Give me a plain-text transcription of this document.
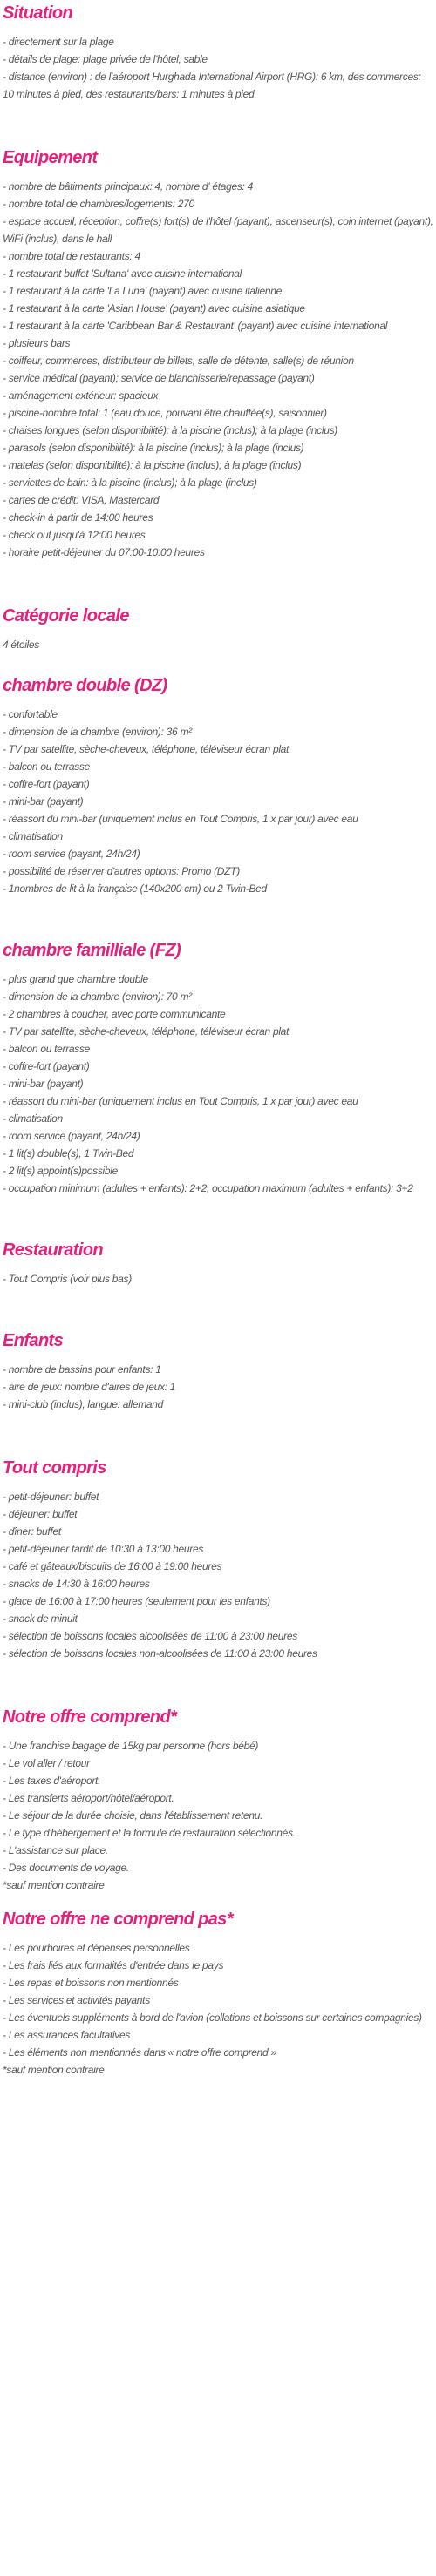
Situation
- directement sur la plage
- détails de plage: plage privée de l'hôtel, sable
- distance (environ) : de l'aéroport Hurghada International Airport (HRG): 6 km, des commerces: 10 minutes à pied, des restaurants/bars: 1 minutes à pied
Equipement
- nombre de bâtiments principaux: 4, nombre d' étages: 4
- nombre total de chambres/logements: 270
- espace accueil, réception, coffre(s) fort(s) de l'hôtel (payant), ascenseur(s), coin internet (payant), WiFi (inclus), dans le hall
- nombre total de restaurants: 4
- 1 restaurant buffet 'Sultana' avec cuisine international
- 1 restaurant à la carte 'La Luna' (payant) avec cuisine italienne
- 1 restaurant à la carte 'Asian House' (payant) avec cuisine asiatique
- 1 restaurant à la carte 'Caribbean Bar & Restaurant' (payant) avec cuisine international
- plusieurs bars
- coiffeur, commerces, distributeur de billets, salle de détente, salle(s) de réunion
- service médical (payant); service de blanchisserie/repassage (payant)
- aménagement extérieur: spacieux
- piscine-nombre total: 1 (eau douce, pouvant être chauffée(s), saisonnier)
- chaises longues (selon disponibilité): à la piscine (inclus); à la plage (inclus)
- parasols (selon disponibilité): à la piscine (inclus); à la plage (inclus)
- matelas (selon disponibilité): à la piscine (inclus); à la plage (inclus)
- serviettes de bain: à la piscine (inclus); à la plage (inclus)
- cartes de crédit: VISA, Mastercard
- check-in à partir de 14:00 heures
- check out jusqu'à 12:00 heures
- horaire petit-déjeuner du 07:00-10:00 heures
Catégorie locale
4 étoiles
chambre double (DZ)
- confortable
- dimension de la chambre (environ): 36 m²
- TV par satellite, sèche-cheveux, téléphone, téléviseur écran plat
- balcon ou terrasse
- coffre-fort (payant)
- mini-bar (payant)
- réassort du mini-bar (uniquement inclus en Tout Compris, 1 x par jour) avec eau
- climatisation
- room service (payant, 24h/24)
- possibilité de réserver d'autres options: Promo (DZT)
- 1nombres de lit à la française (140x200 cm) ou 2 Twin-Bed
chambre familliale (FZ)
- plus grand que chambre double
- dimension de la chambre (environ): 70 m²
- 2 chambres à coucher, avec porte communicante
- TV par satellite, sèche-cheveux, téléphone, téléviseur écran plat
- balcon ou terrasse
- coffre-fort (payant)
- mini-bar (payant)
- réassort du mini-bar (uniquement inclus en Tout Compris, 1 x par jour) avec eau
- climatisation
- room service (payant, 24h/24)
- 1 lit(s) double(s), 1 Twin-Bed
- 2 lit(s) appoint(s)possible
- occupation minimum (adultes + enfants): 2+2, occupation maximum (adultes + enfants): 3+2
Restauration
- Tout Compris (voir plus bas)
Enfants
- nombre de bassins pour enfants: 1
- aire de jeux: nombre d'aires de jeux: 1
- mini-club (inclus), langue: allemand
Tout compris
- petit-déjeuner: buffet
- déjeuner: buffet
- dîner: buffet
- petit-déjeuner tardif de 10:30 à 13:00 heures
- café et gâteaux/biscuits de 16:00 à 19:00 heures
- snacks de 14:30 à 16:00 heures
- glace de 16:00 à 17:00 heures (seulement pour les enfants)
- snack de minuit
- sélection de boissons locales alcoolisées de 11:00 à 23:00 heures
- sélection de boissons locales non-alcoolisées de 11:00 à 23:00 heures
Notre offre comprend*
- Une franchise bagage de 15kg par personne (hors bébé)
- Le vol aller / retour
- Les taxes d'aéroport.
- Les transferts aéroport/hôtel/aéroport.
- Le séjour de la durée choisie, dans l'établissement retenu.
- Le type d'hébergement et la formule de restauration sélectionnés.
- L'assistance sur place.
- Des documents de voyage.
*sauf mention contraire
Notre offre ne comprend pas*
- Les pourboires et dépenses personnelles
- Les frais liés aux formalités d'entrée dans le pays
- Les repas et boissons non mentionnés
- Les services et activités payants
- Les éventuels suppléments à bord de l'avion (collations et boissons sur certaines compagnies)
- Les assurances facultatives
- Les éléments non mentionnés dans « notre offre comprend »
*sauf mention contraire
